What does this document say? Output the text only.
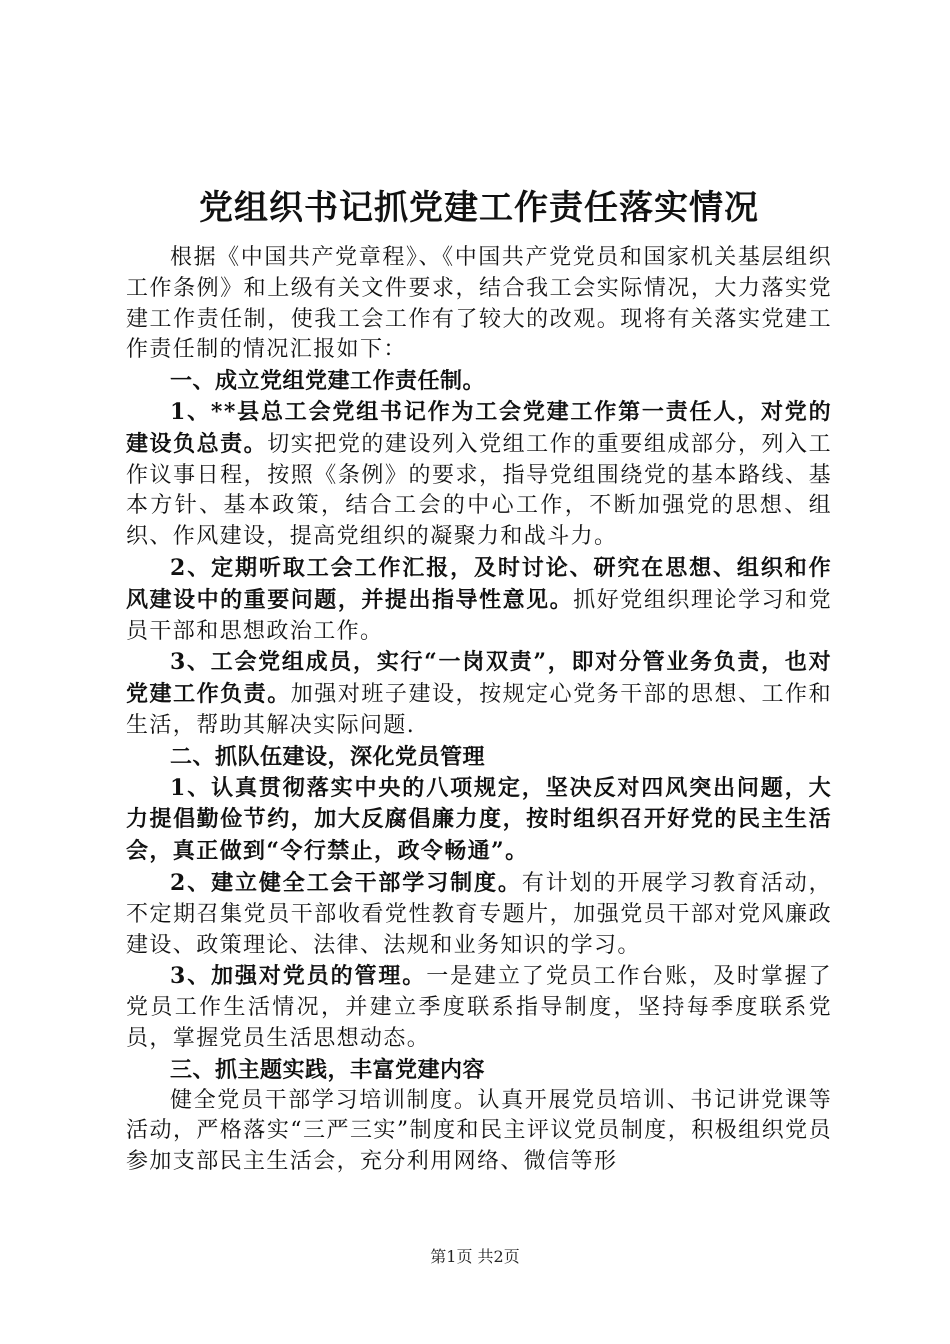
党组织书记抓党建工作责任落实情况

根据《中国共产党章程》、《中国共产党党员和国家机关基层组织工作条例》和上级有关文件要求，结合我工会实际情况，大力落实党建工作责任制，使我工会工作有了较大的改观。现将有关落实党建工作责任制的情况汇报如下：

一、成立党组党建工作责任制。

1、**县总工会党组书记作为工会党建工作第一责任人，对党的建设负总责。切实把党的建设列入党组工作的重要组成部分，列入工作议事日程，按照《条例》的要求，指导党组围绕党的基本路线、基本方针、基本政策，结合工会的中心工作，不断加强党的思想、组织、作风建设，提高党组织的凝聚力和战斗力。

2、定期听取工会工作汇报，及时讨论、研究在思想、组织和作风建设中的重要问题，并提出指导性意见。抓好党组织理论学习和党员干部和思想政治工作。

3、工会党组成员，实行“一岗双责”，即对分管业务负责，也对党建工作负责。加强对班子建设，按规定心党务干部的思想、工作和生活，帮助其解决实际问题.

二、抓队伍建设，深化党员管理

1、认真贯彻落实中央的八项规定，坚决反对四风突出问题，大力提倡勤俭节约，加大反腐倡廉力度，按时组织召开好党的民主生活会，真正做到“令行禁止，政令畅通”。

2、建立健全工会干部学习制度。有计划的开展学习教育活动，不定期召集党员干部收看党性教育专题片，加强党员干部对党风廉政建设、政策理论、法律、法规和业务知识的学习。

3、加强对党员的管理。一是建立了党员工作台账，及时掌握了党员工作生活情况，并建立季度联系指导制度，坚持每季度联系党员，掌握党员生活思想动态。

三、抓主题实践，丰富党建内容

健全党员干部学习培训制度。认真开展党员培训、书记讲党课等活动，严格落实“三严三实”制度和民主评议党员制度，积极组织党员参加支部民主生活会，充分利用网络、微信等形

第1页 共2页
